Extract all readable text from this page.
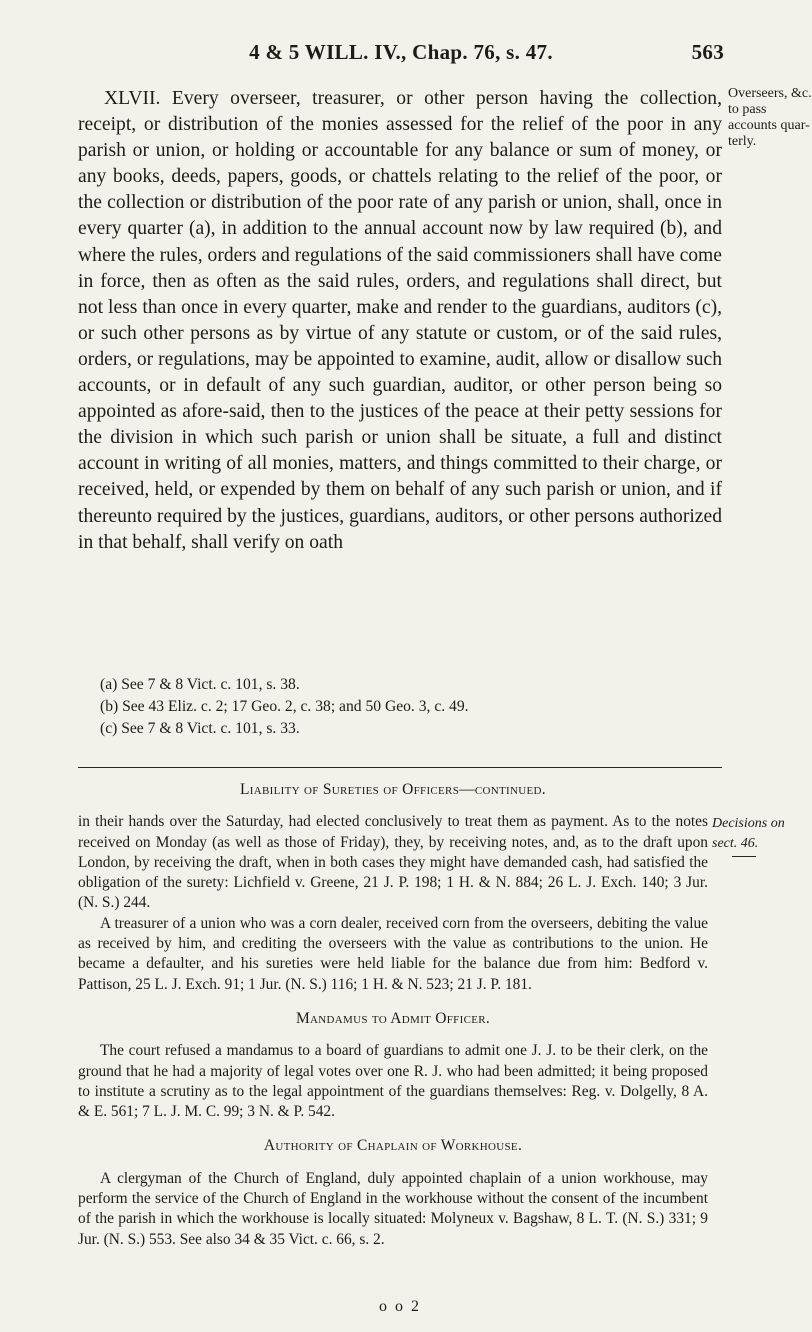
4 & 5 WILL. IV., Chap. 76, s. 47.	563

XLVII. Every overseer, treasurer, or other person having the collection, receipt, or distribution of the monies assessed for the relief of the poor in any parish or union, or holding or accountable for any balance or sum of money, or any books, deeds, papers, goods, or chattels relating to the relief of the poor, or the collection or distribution of the poor rate of any parish or union, shall, once in every quarter (a), in addition to the annual account now by law required (b), and where the rules, orders and regulations of the said commissioners shall have come in force, then as often as the said rules, orders, and regulations shall direct, but not less than once in every quarter, make and render to the guardians, auditors (c), or such other persons as by virtue of any statute or custom, or of the said rules, orders, or regulations, may be appointed to examine, audit, allow or disallow such accounts, or in default of any such guardian, auditor, or other person being so appointed as afore-said, then to the justices of the peace at their petty sessions for the division in which such parish or union shall be situate, a full and distinct account in writing of all monies, matters, and things committed to their charge, or received, held, or expended by them on behalf of any such parish or union, and if thereunto required by the justices, guardians, auditors, or other persons authorized in that behalf, shall verify on oath

Overseers, &c.
to pass
accounts quar-
terly.
(a) See 7 & 8 Vict. c. 101, s. 38.
(b) See 43 Eliz. c. 2; 17 Geo. 2, c. 38; and 50 Geo. 3, c. 49.
(c) See 7 & 8 Vict. c. 101, s. 33.
Liability of Sureties of Officers—continued.

in their hands over the Saturday, had elected conclusively to treat them as payment. As to the notes received on Monday (as well as those of Friday), they, by receiving notes, and, as to the draft upon London, by receiving the draft, when in both cases they might have demanded cash, had satisfied the obligation of the surety: Lichfield v. Greene, 21 J. P. 198; 1 H. & N. 884; 26 L. J. Exch. 140; 3 Jur. (N. S.) 244.

A treasurer of a union who was a corn dealer, received corn from the overseers, debiting the value as received by him, and crediting the overseers with the value as contributions to the union. He became a defaulter, and his sureties were held liable for the balance due from him: Bedford v. Pattison, 25 L. J. Exch. 91; 1 Jur. (N. S.) 116; 1 H. & N. 523; 21 J. P. 181.

Mandamus to Admit Officer.

The court refused a mandamus to a board of guardians to admit one J. J. to be their clerk, on the ground that he had a majority of legal votes over one R. J. who had been admitted; it being proposed to institute a scrutiny as to the legal appointment of the guardians themselves: Reg. v. Dolgelly, 8 A. & E. 561; 7 L. J. M. C. 99; 3 N. & P. 542.

Authority of Chaplain of Workhouse.

A clergyman of the Church of England, duly appointed chaplain of a union workhouse, may perform the service of the Church of England in the workhouse without the consent of the incumbent of the parish in which the workhouse is locally situated: Molyneux v. Bagshaw, 8 L. T. (N. S.) 331; 9 Jur. (N. S.) 553. See also 34 & 35 Vict. c. 66, s. 2.

Decisions on
sect. 46.
o o 2
